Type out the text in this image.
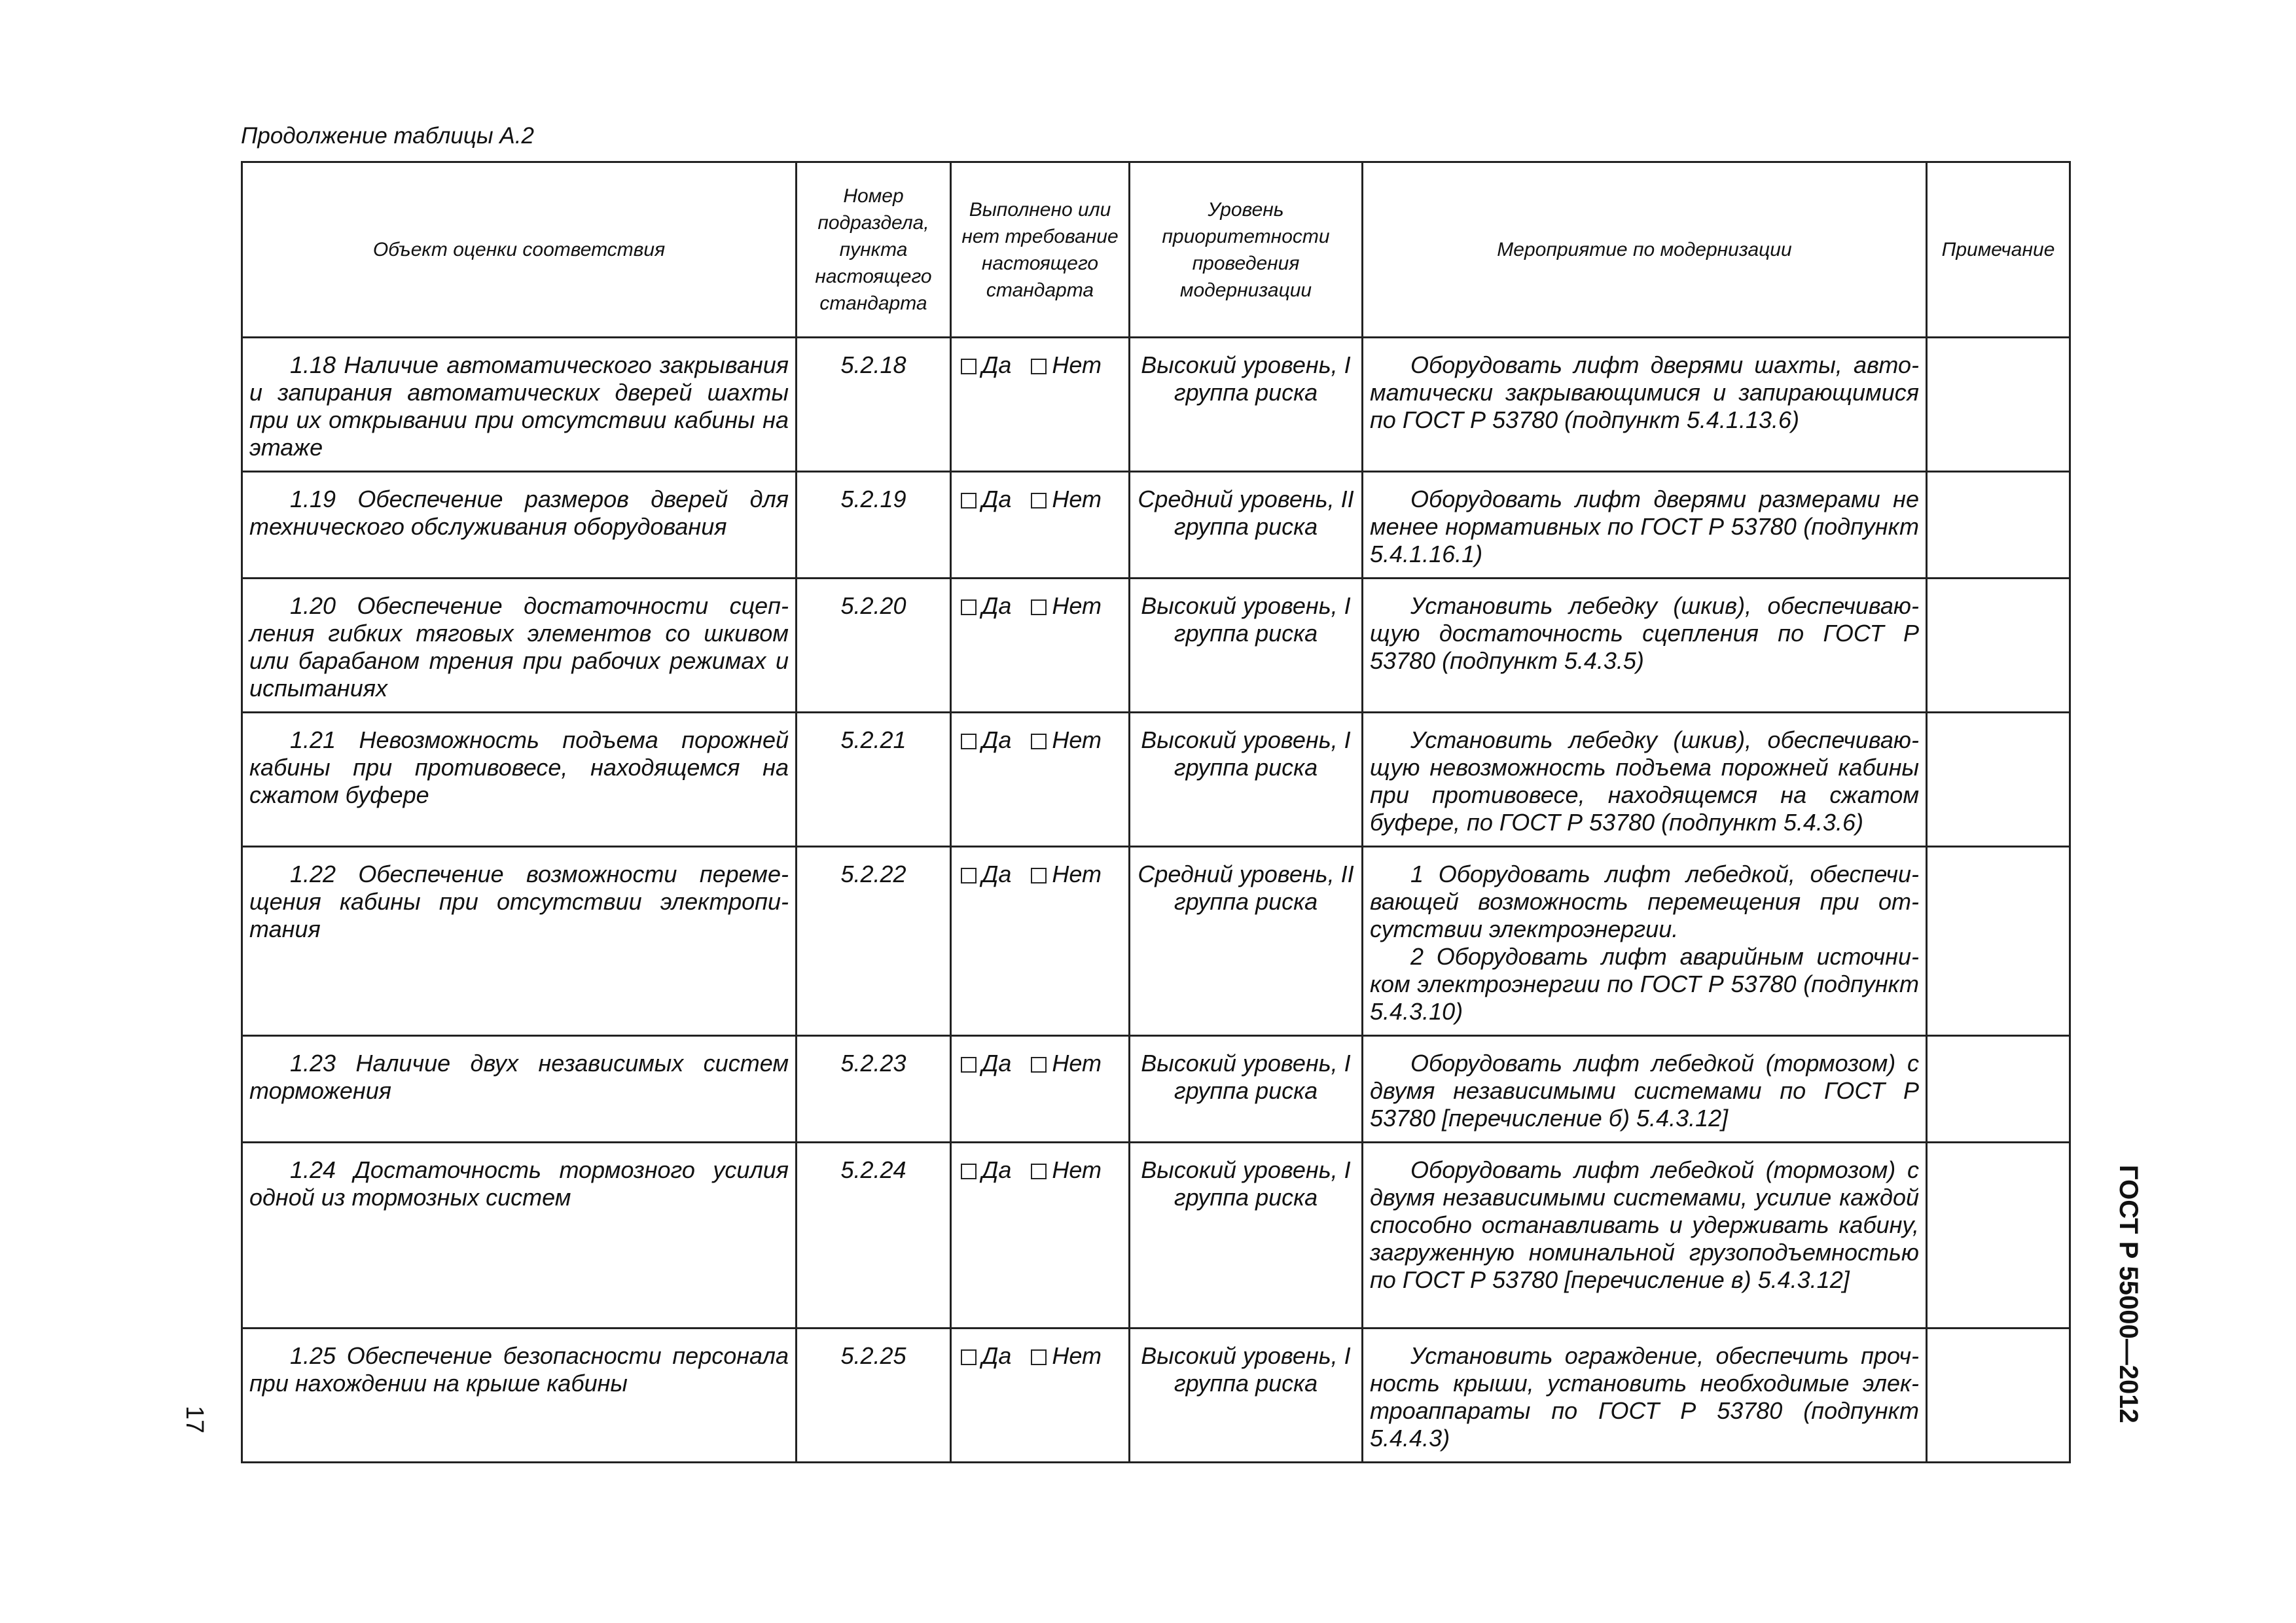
Продолжение таблицы А.2
Объект оценки соответствия	Номер подраздела, пункта настоящего стандарта	Выполнено или нет требование настоящего стандарта	Уровень приоритетности проведения модернизации	Мероприятие по модернизации	Примечание
1.18 Наличие автоматического закрывания и запирания автоматических дверей шахты при их открывании при отсутствии кабины на этаже	5.2.18	Да Нет	Высокий уровень, I группа риска	Оборудовать лифт дверями шахты, автоматически закрывающимися и запирающимися по ГОСТ Р 53780 (подпункт 5.4.1.13.6)	

1.19 Обеспечение размеров дверей для технического обслуживания оборудования	5.2.19	Да Нет	Средний уровень, II группа риска	Оборудовать лифт дверями размерами не менее нормативных по ГОСТ Р 53780 (подпункт 5.4.1.16.1)	

1.20 Обеспечение достаточности сцепления гибких тяговых элементов со шкивом или барабаном трения при рабочих режимах и испытаниях	5.2.20	Да Нет	Высокий уровень, I группа риска	Установить лебедку (шкив), обеспечивающую достаточность сцепления по ГОСТ Р 53780 (подпункт 5.4.3.5)	

1.21 Невозможность подъема порожней кабины при противовесе, находящемся на сжатом буфере	5.2.21	Да Нет	Высокий уровень, I группа риска	Установить лебедку (шкив), обеспечивающую невозможность подъема порожней кабины при противовесе, находящемся на сжатом буфере, по ГОСТ Р 53780 (подпункт 5.4.3.6)	

1.22 Обеспечение возможности перемещения кабины при отсутствии электропитания	5.2.22	Да Нет	Средний уровень, II группа риска	1 Оборудовать лифт лебедкой, обеспечивающей возможность перемещения при отсутствии электроэнергии.
2 Оборудовать лифт аварийным источником электроэнергии по ГОСТ Р 53780 (подпункт 5.4.3.10)	

1.23 Наличие двух независимых систем торможения	5.2.23	Да Нет	Высокий уровень, I группа риска	Оборудовать лифт лебедкой (тормозом) с двумя независимыми системами по ГОСТ Р 53780 [перечисление б) 5.4.3.12]	

1.24 Достаточность тормозного усилия одной из тормозных систем	5.2.24	Да Нет	Высокий уровень, I группа риска	Оборудовать лифт лебедкой (тормозом) с двумя независимыми системами, усилие каждой способно останавливать и удерживать кабину, загруженную номинальной грузоподъемностью по ГОСТ Р 53780 [перечисление в) 5.4.3.12]	

1.25 Обеспечение безопасности персонала при нахождении на крыше кабины	5.2.25	Да Нет	Высокий уровень, I группа риска	Установить ограждение, обеспечить прочность крыши, установить необходимые электроаппараты по ГОСТ Р 53780 (подпункт 5.4.4.3)	

ГОСТ Р 55000—2012
17
